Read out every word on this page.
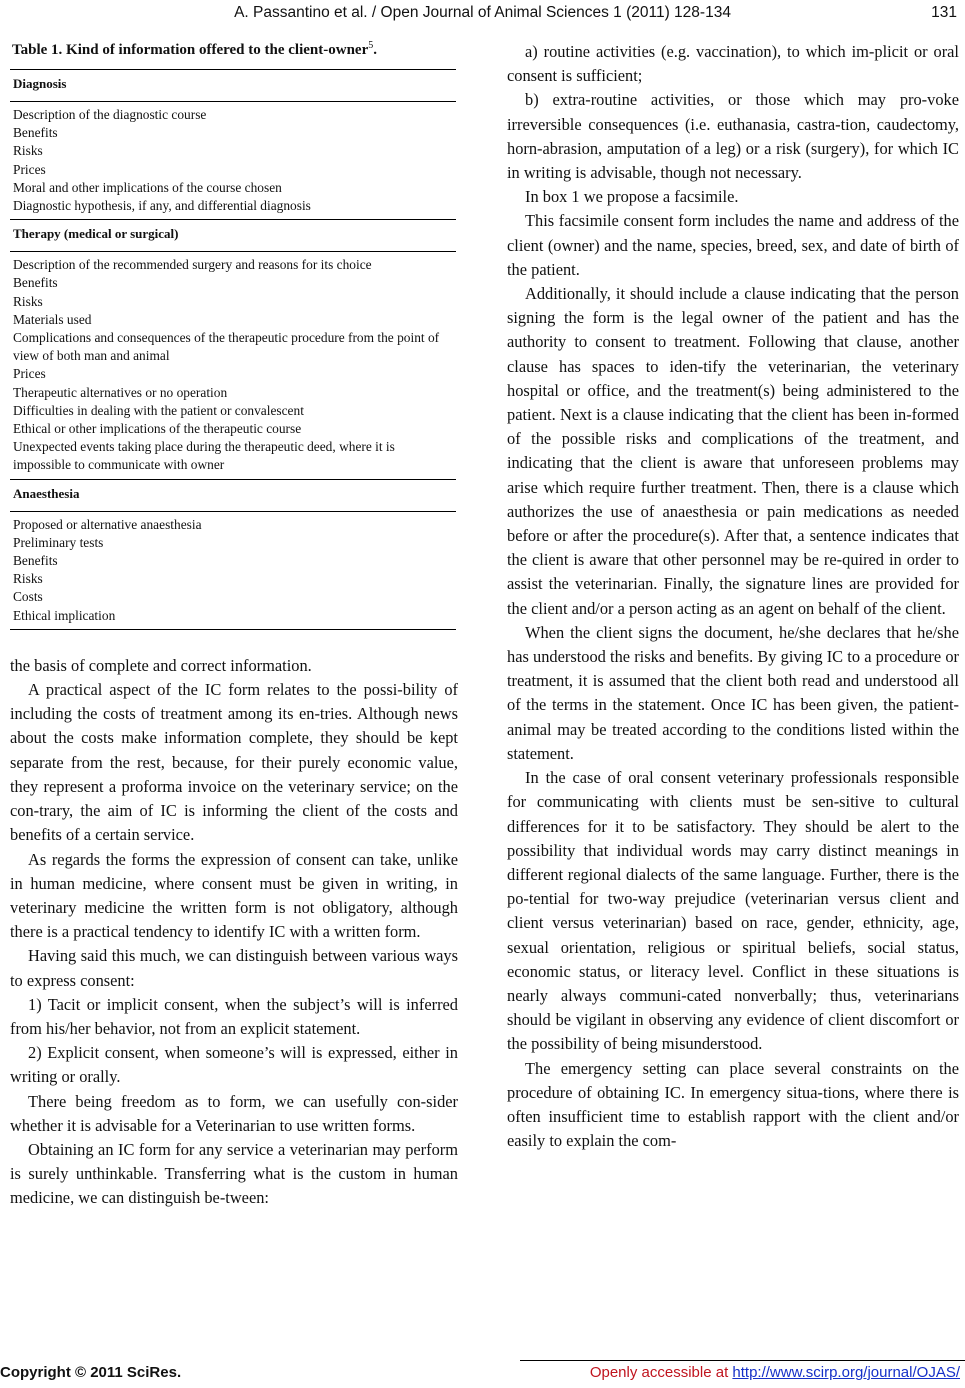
A. Passantino et al. / Open Journal of Animal Sciences 1 (2011) 128-134	131
Table 1. Kind of information offered to the client-owner$^5$.
Diagnosis
Description of the diagnostic course
Benefits
Risks
Prices
Moral and other implications of the course chosen
Diagnostic hypothesis, if any, and differential diagnosis
Therapy (medical or surgical)
Description of the recommended surgery and reasons for its choice
Benefits
Risks
Materials used
Complications and consequences of the therapeutic procedure from the point of view of both man and animal
Prices
Therapeutic alternatives or no operation
Difficulties in dealing with the patient or convalescent
Ethical or other implications of the therapeutic course
Unexpected events taking place during the therapeutic deed, where it is impossible to communicate with owner
Anaesthesia
Proposed or alternative anaesthesia
Preliminary tests
Benefits
Risks
Costs
Ethical implication

the basis of complete and correct information.

A practical aspect of the IC form relates to the possi-bility of including the costs of treatment among its en-tries. Although news about the costs make information complete, they should be kept separate from the rest, because, for their purely economic value, they represent a proforma invoice on the veterinary service; on the con-trary, the aim of IC is informing the client of the costs and benefits of a certain service.

As regards the forms the expression of consent can take, unlike in human medicine, where consent must be given in writing, in veterinary medicine the written form is not obligatory, although there is a practical tendency to identify IC with a written form.

Having said this much, we can distinguish between various ways to express consent:

1) Tacit or implicit consent, when the subject’s will is inferred from his/her behavior, not from an explicit statement.

2) Explicit consent, when someone’s will is expressed, either in writing or orally.

There being freedom as to form, we can usefully con-sider whether it is advisable for a Veterinarian to use written forms.

Obtaining an IC form for any service a veterinarian may perform is surely unthinkable. Transferring what is the custom in human medicine, we can distinguish be-tween:

a) routine activities (e.g. vaccination), to which im-plicit or oral consent is sufficient;

b) extra-routine activities, or those which may pro-voke irreversible consequences (i.e. euthanasia, castra-tion, caudectomy, horn-abrasion, amputation of a leg) or a risk (surgery), for which IC in writing is advisable, though not necessary.

In box 1 we propose a facsimile.

This facsimile consent form includes the name and address of the client (owner) and the name, species, breed, sex, and date of birth of the patient.

Additionally, it should include a clause indicating that the person signing the form is the legal owner of the patient and has the authority to consent to treatment. Following that clause, another clause has spaces to iden-tify the veterinarian, the veterinary hospital or office, and the treatment(s) being administered to the patient. Next is a clause indicating that the client has been in-formed of the possible risks and complications of the treatment, and indicating that the client is aware that unforeseen problems may arise which require further treatment. Then, there is a clause which authorizes the use of anaesthesia or pain medications as needed before or after the procedure(s). After that, a sentence indicates that the client is aware that other personnel may be re-quired in order to assist the veterinarian. Finally, the signature lines are provided for the client and/or a person acting as an agent on behalf of the client.

When the client signs the document, he/she declares that he/she has understood the risks and benefits. By giving IC to a procedure or treatment, it is assumed that the client both read and understood all of the terms in the statement. Once IC has been given, the patient-animal may be treated according to the conditions listed within the statement.

In the case of oral consent veterinary professionals responsible for communicating with clients must be sen-sitive to cultural differences for it to be satisfactory. They should be alert to the possibility that individual words may carry distinct meanings in different regional dialects of the same language. Further, there is the po-tential for two-way prejudice (veterinarian versus client and client versus veterinarian) based on race, gender, ethnicity, age, sexual orientation, religious or spiritual beliefs, social status, economic status, or literacy level. Conflict in these situations is nearly always communi-cated nonverbally; thus, veterinarians should be vigilant in observing any evidence of client discomfort or the possibility of being misunderstood.

The emergency setting can place several constraints on the procedure of obtaining IC. In emergency situa-tions, where there is often insufficient time to establish rapport with the client and/or easily to explain the com-

Copyright © 2011 SciRes.	Openly accessible at http://www.scirp.org/journal/OJAS/
